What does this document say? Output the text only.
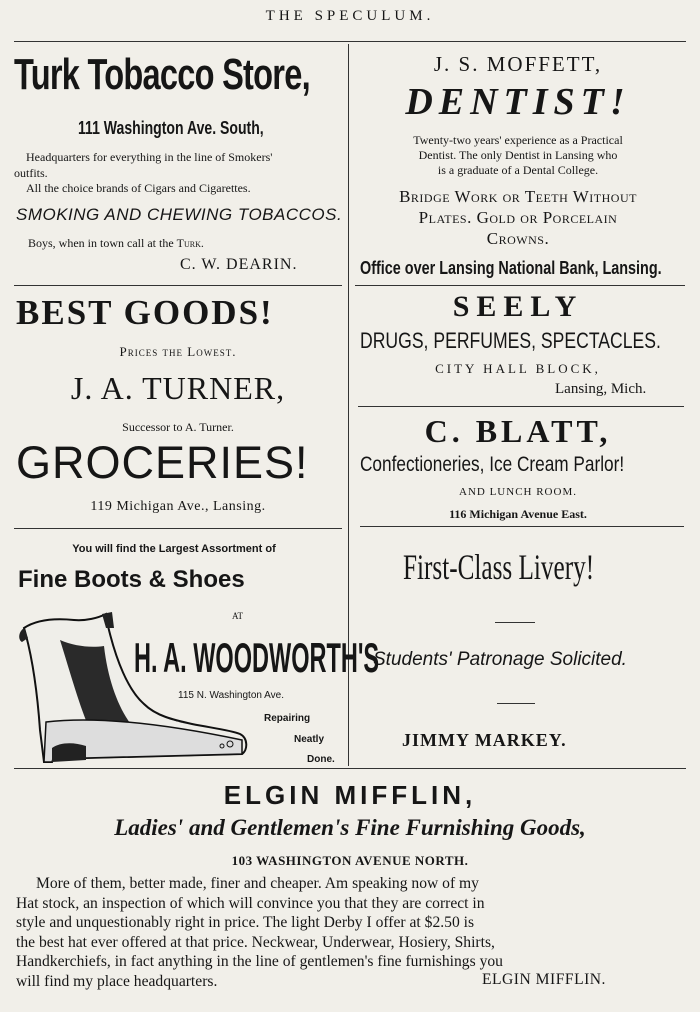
THE SPECULUM.
Turk Tobacco Store,
111 Washington Ave. South,
Headquarters for everything in the line of Smokers'
outfits.
All the choice brands of Cigars and Cigarettes.
SMOKING AND CHEWING TOBACCOS.
Boys, when in town call at the Turk.
C. W. DEARIN.
J. S. MOFFETT,
DENTIST!
Twenty-two years' experience as a Practical
Dentist. The only Dentist in Lansing who
is a graduate of a Dental College.
Bridge Work or Teeth Without
Plates. Gold or Porcelain
Crowns.
Office over Lansing National Bank, Lansing.
BEST GOODS!
Prices the Lowest.
J. A. TURNER,
Successor to A. Turner.
GROCERIES!
119 Michigan Ave., Lansing.
SEELY
DRUGS, PERFUMES, SPECTACLES.
CITY HALL BLOCK,
Lansing, Mich.
C. BLATT,
Confectioneries, Ice Cream Parlor!
AND LUNCH ROOM.
116 Michigan Avenue East.
You will find the Largest Assortment of
Fine Boots & Shoes
AT
H. A. WOODWORTH'S
115 N. Washington Ave.
Repairing
Neatly
Done.
First-Class Livery!
Students' Patronage Solicited.
JIMMY MARKEY.
ELGIN MIFFLIN,
Ladies' and Gentlemen's Fine Furnishing Goods,
103 WASHINGTON AVENUE NORTH.
More of them, better made, finer and cheaper. Am speaking now of my
Hat stock, an inspection of which will convince you that they are correct in
style and unquestionably right in price. The light Derby I offer at $2.50 is
the best hat ever offered at that price. Neckwear, Underwear, Hosiery, Shirts,
Handkerchiefs, in fact anything in the line of gentlemen's fine furnishings you
will find my place headquarters.	ELGIN MIFFLIN.
